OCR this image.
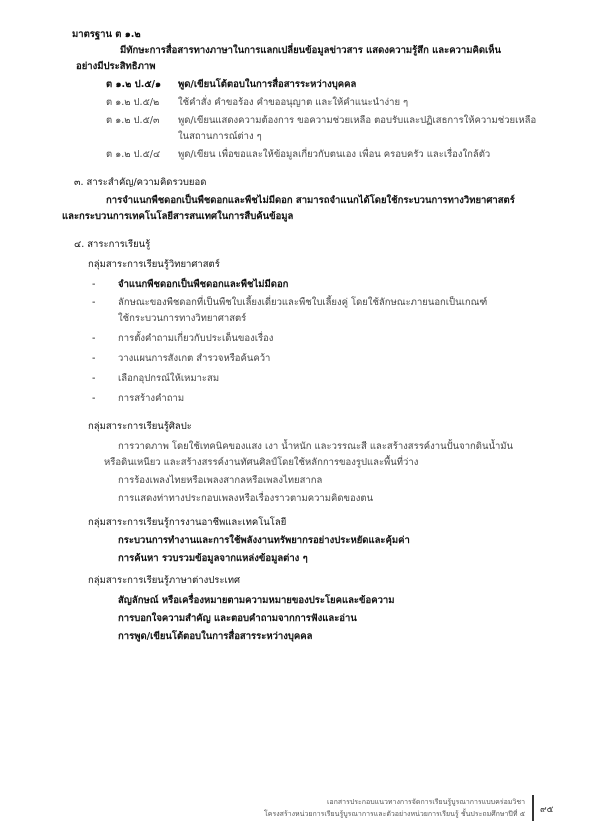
มาตรฐาน ต ๑.๒
มีทักษะการสื่อสารทางภาษาในการแลกเปลี่ยนข้อมูลข่าวสาร แสดงความรู้สึก และความคิดเห็น
อย่างมีประสิทธิภาพ
ต ๑.๒ ป.๕/๑ พูด/เขียนโต้ตอบในการสื่อสารระหว่างบุคคล
ต ๑.๒ ป.๕/๒ ใช้คำสั่ง คำขอร้อง คำขออนุญาต และให้คำแนะนำง่าย ๆ
ต ๑.๒ ป.๕/๓ พูด/เขียนแสดงความต้องการ ขอความช่วยเหลือ ตอบรับและปฏิเสธการให้ความช่วยเหลือ
ในสถานการณ์ต่าง ๆ
ต ๑.๒ ป.๕/๔ พูด/เขียน เพื่อขอและให้ข้อมูลเกี่ยวกับตนเอง เพื่อน ครอบครัว และเรื่องใกล้ตัว
๓. สาระสำคัญ/ความคิดรวบยอด
การจำแนกพืชดอกเป็นพืชดอกและพืชไม่มีดอก สามารถจำแนกได้โดยใช้กระบวนการทางวิทยาศาสตร์
และกระบวนการเทคโนโลยีสารสนเทศในการสืบค้นข้อมูล
๔. สาระการเรียนรู้
กลุ่มสาระการเรียนรู้วิทยาศาสตร์
- จำแนกพืชดอกเป็นพืชดอกและพืชไม่มีดอก
- ลักษณะของพืชดอกที่เป็นพืชใบเลี้ยงเดี่ยวและพืชใบเลี้ยงคู่ โดยใช้ลักษณะภายนอกเป็นเกณฑ์
ใช้กระบวนการทางวิทยาศาสตร์
- การตั้งคำถามเกี่ยวกับประเด็นของเรื่อง
- วางแผนการสังเกต สำรวจหรือค้นคว้า
- เลือกอุปกรณ์ให้เหมาะสม
- การสร้างคำถาม
กลุ่มสาระการเรียนรู้ศิลปะ
การวาดภาพ โดยใช้เทคนิคของแสง เงา น้ำหนัก และวรรณะสี และสร้างสรรค์งานปั้นจากดินน้ำมัน
หรือดินเหนียว และสร้างสรรค์งานทัศนศิลป์โดยใช้หลักการของรูปและพื้นที่ว่าง
การร้องเพลงไทยหรือเพลงสากลหรือเพลงไทยสากล
การแสดงท่าทางประกอบเพลงหรือเรื่องราวตามความคิดของตน
กลุ่มสาระการเรียนรู้การงานอาชีพและเทคโนโลยี
กระบวนการทำงานและการใช้พลังงานทรัพยากรอย่างประหยัดและคุ้มค่า
การค้นหา รวบรวมข้อมูลจากแหล่งข้อมูลต่าง ๆ
กลุ่มสาระการเรียนรู้ภาษาต่างประเทศ
สัญลักษณ์ หรือเครื่องหมายตามความหมายของประโยคและข้อความ
การบอกใจความสำคัญ และตอบคำถามจากการฟังและอ่าน
การพูด/เขียนโต้ตอบในการสื่อสารระหว่างบุคคล
เอกสารประกอบแนวทางการจัดการเรียนรู้บูรณาการแบบคร่อมวิชา
โครงสร้างหน่วยการเรียนรู้บูรณาการและตัวอย่างหน่วยการเรียนรู้ ชั้นประถมศึกษาปีที่ ๕ ๙๕
